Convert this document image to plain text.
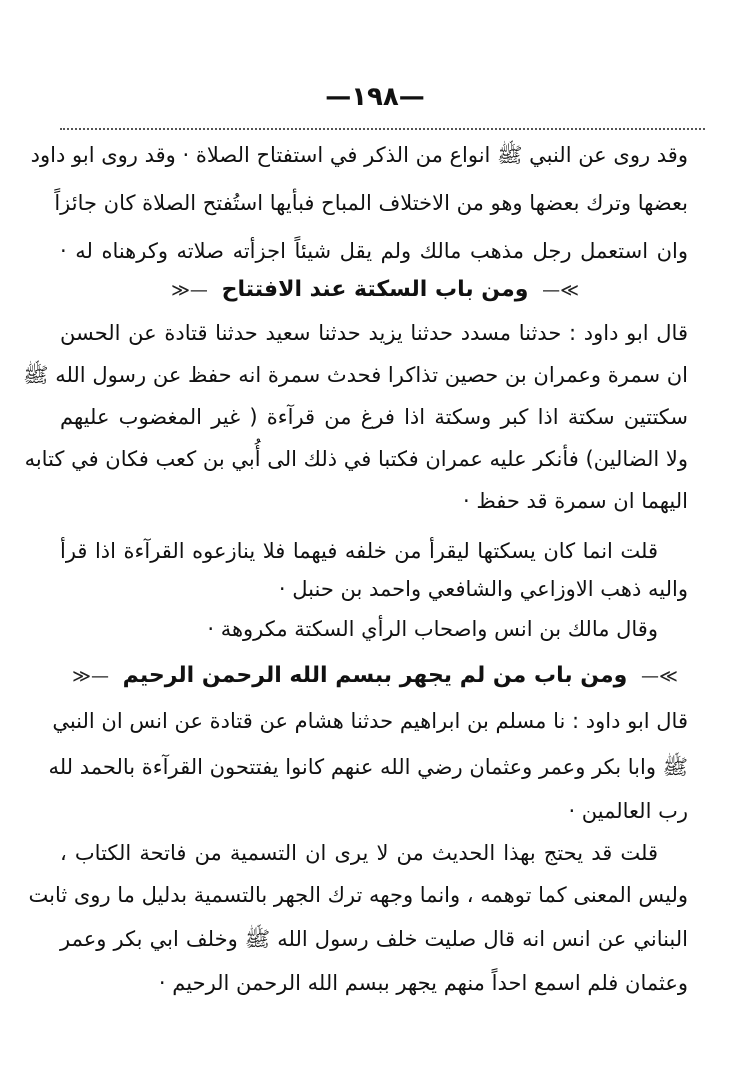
—١٩٨—
وقد روى عن النبي ﷺ انواع من الذكر في استفتاح الصلاة · وقد روى ابو داود
بعضها وترك بعضها وهو من الاختلاف المباح فبأيها استُفتح الصلاة كان جائزاً
وان استعمل رجل مذهب مالك ولم يقل شيئاً اجزأته صلاته وكرهناه له ·
≫— ومن باب السكتة عند الافتتاح —≪
قال ابو داود : حدثنا مسدد حدثنا يزيد حدثنا سعيد حدثنا قتادة عن الحسن
ان سمرة وعمران بن حصين تذاكرا فحدث سمرة انه حفظ عن رسول الله ﷺ
سكتتين سكتة اذا كبر وسكتة اذا فرغ من قرآءة ( غير المغضوب عليهم
ولا الضالين) فأنكر عليه عمران فكتبا في ذلك الى أُبي بن كعب فكان في كتابه
اليهما ان سمرة قد حفظ ·
قلت انما كان يسكتها ليقرأ من خلفه فيهما فلا ينازعوه القرآءة اذا قرأ
واليه ذهب الاوزاعي والشافعي واحمد بن حنبل ·
وقال مالك بن انس واصحاب الرأي السكتة مكروهة ·
≫— ومن باب من لم يجهر ببسم الله الرحمن الرحيم —≪
قال ابو داود : نا مسلم بن ابراهيم حدثنا هشام عن قتادة عن انس ان النبي
ﷺ وابا بكر وعمر وعثمان رضي الله عنهم كانوا يفتتحون القرآءة بالحمد لله
رب العالمين ·
قلت قد يحتج بهذا الحديث من لا يرى ان التسمية من فاتحة الكتاب ،
وليس المعنى كما توهمه ، وانما وجهه ترك الجهر بالتسمية بدليل ما روى ثابت
البناني عن انس انه قال صليت خلف رسول الله ﷺ وخلف ابي بكر وعمر
وعثمان فلم اسمع احداً منهم يجهر ببسم الله الرحمن الرحيم ·
